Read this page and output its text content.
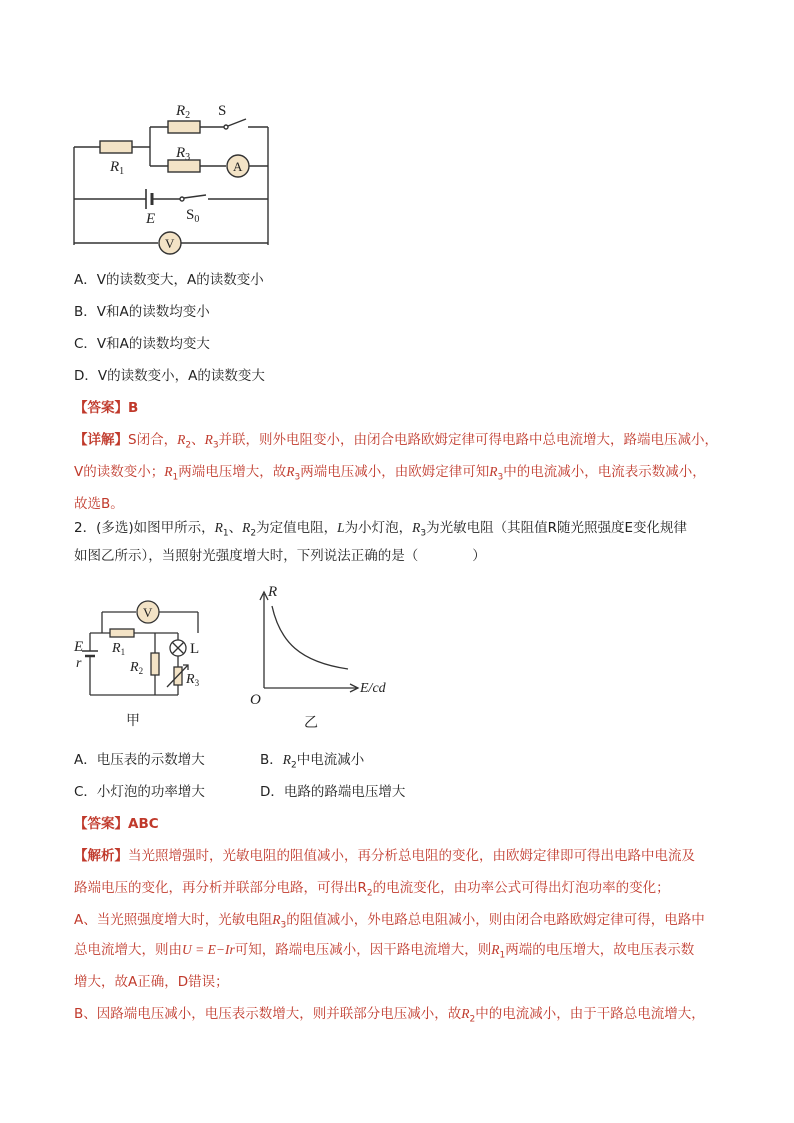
$R_2$ S
$R_3$
$R_1$	A
E $S_0$
V
A．V的读数变大，A的读数变小
B．V和A的读数均变小
C．V和A的读数均变大
D．V的读数变小，A的读数变大
【答案】B
【详解】S闭合，$R_2$、$R_3$并联，则外电阻变小，由闭合电路欧姆定律可得电路中总电流增大，路端电压减小，
V的读数变小；$R_1$两端电压增大，故$R_3$两端电压减小，由欧姆定律可知$R_3$中的电流减小，电流表示数减小，
故选B。
2．(多选)如图甲所示，$R_1$、$R_2$为定值电阻，L为小灯泡，$R_3$为光敏电阻（其阻值R随光照强度E变化规律
如图乙所示），当照射光强度增大时，下列说法正确的是（　　　　）
V
E
r
$R_1$	L
$R_2$
$R_3$
甲
R
E/cd
O
乙
A．电压表的示数增大	B．$R_2$中电流减小
C．小灯泡的功率增大	D．电路的路端电压增大
【答案】ABC
【解析】当光照增强时，光敏电阻的阻值减小，再分析总电阻的变化，由欧姆定律即可得出电路中电流及
路端电压的变化，再分析并联部分电路，可得出$R_2$的电流变化，由功率公式可得出灯泡功率的变化；
A、当光照强度增大时，光敏电阻$R_3$的阻值减小，外电路总电阻减小，则由闭合电路欧姆定律可得，电路中
总电流增大，则由U = E−Ir可知，路端电压减小，因干路电流增大，则$R_1$两端的电压增大，故电压表示数
增大，故A正确，D错误；
B、因路端电压减小，电压表示数增大，则并联部分电压减小，故$R_2$中的电流减小，由于干路总电流增大，
